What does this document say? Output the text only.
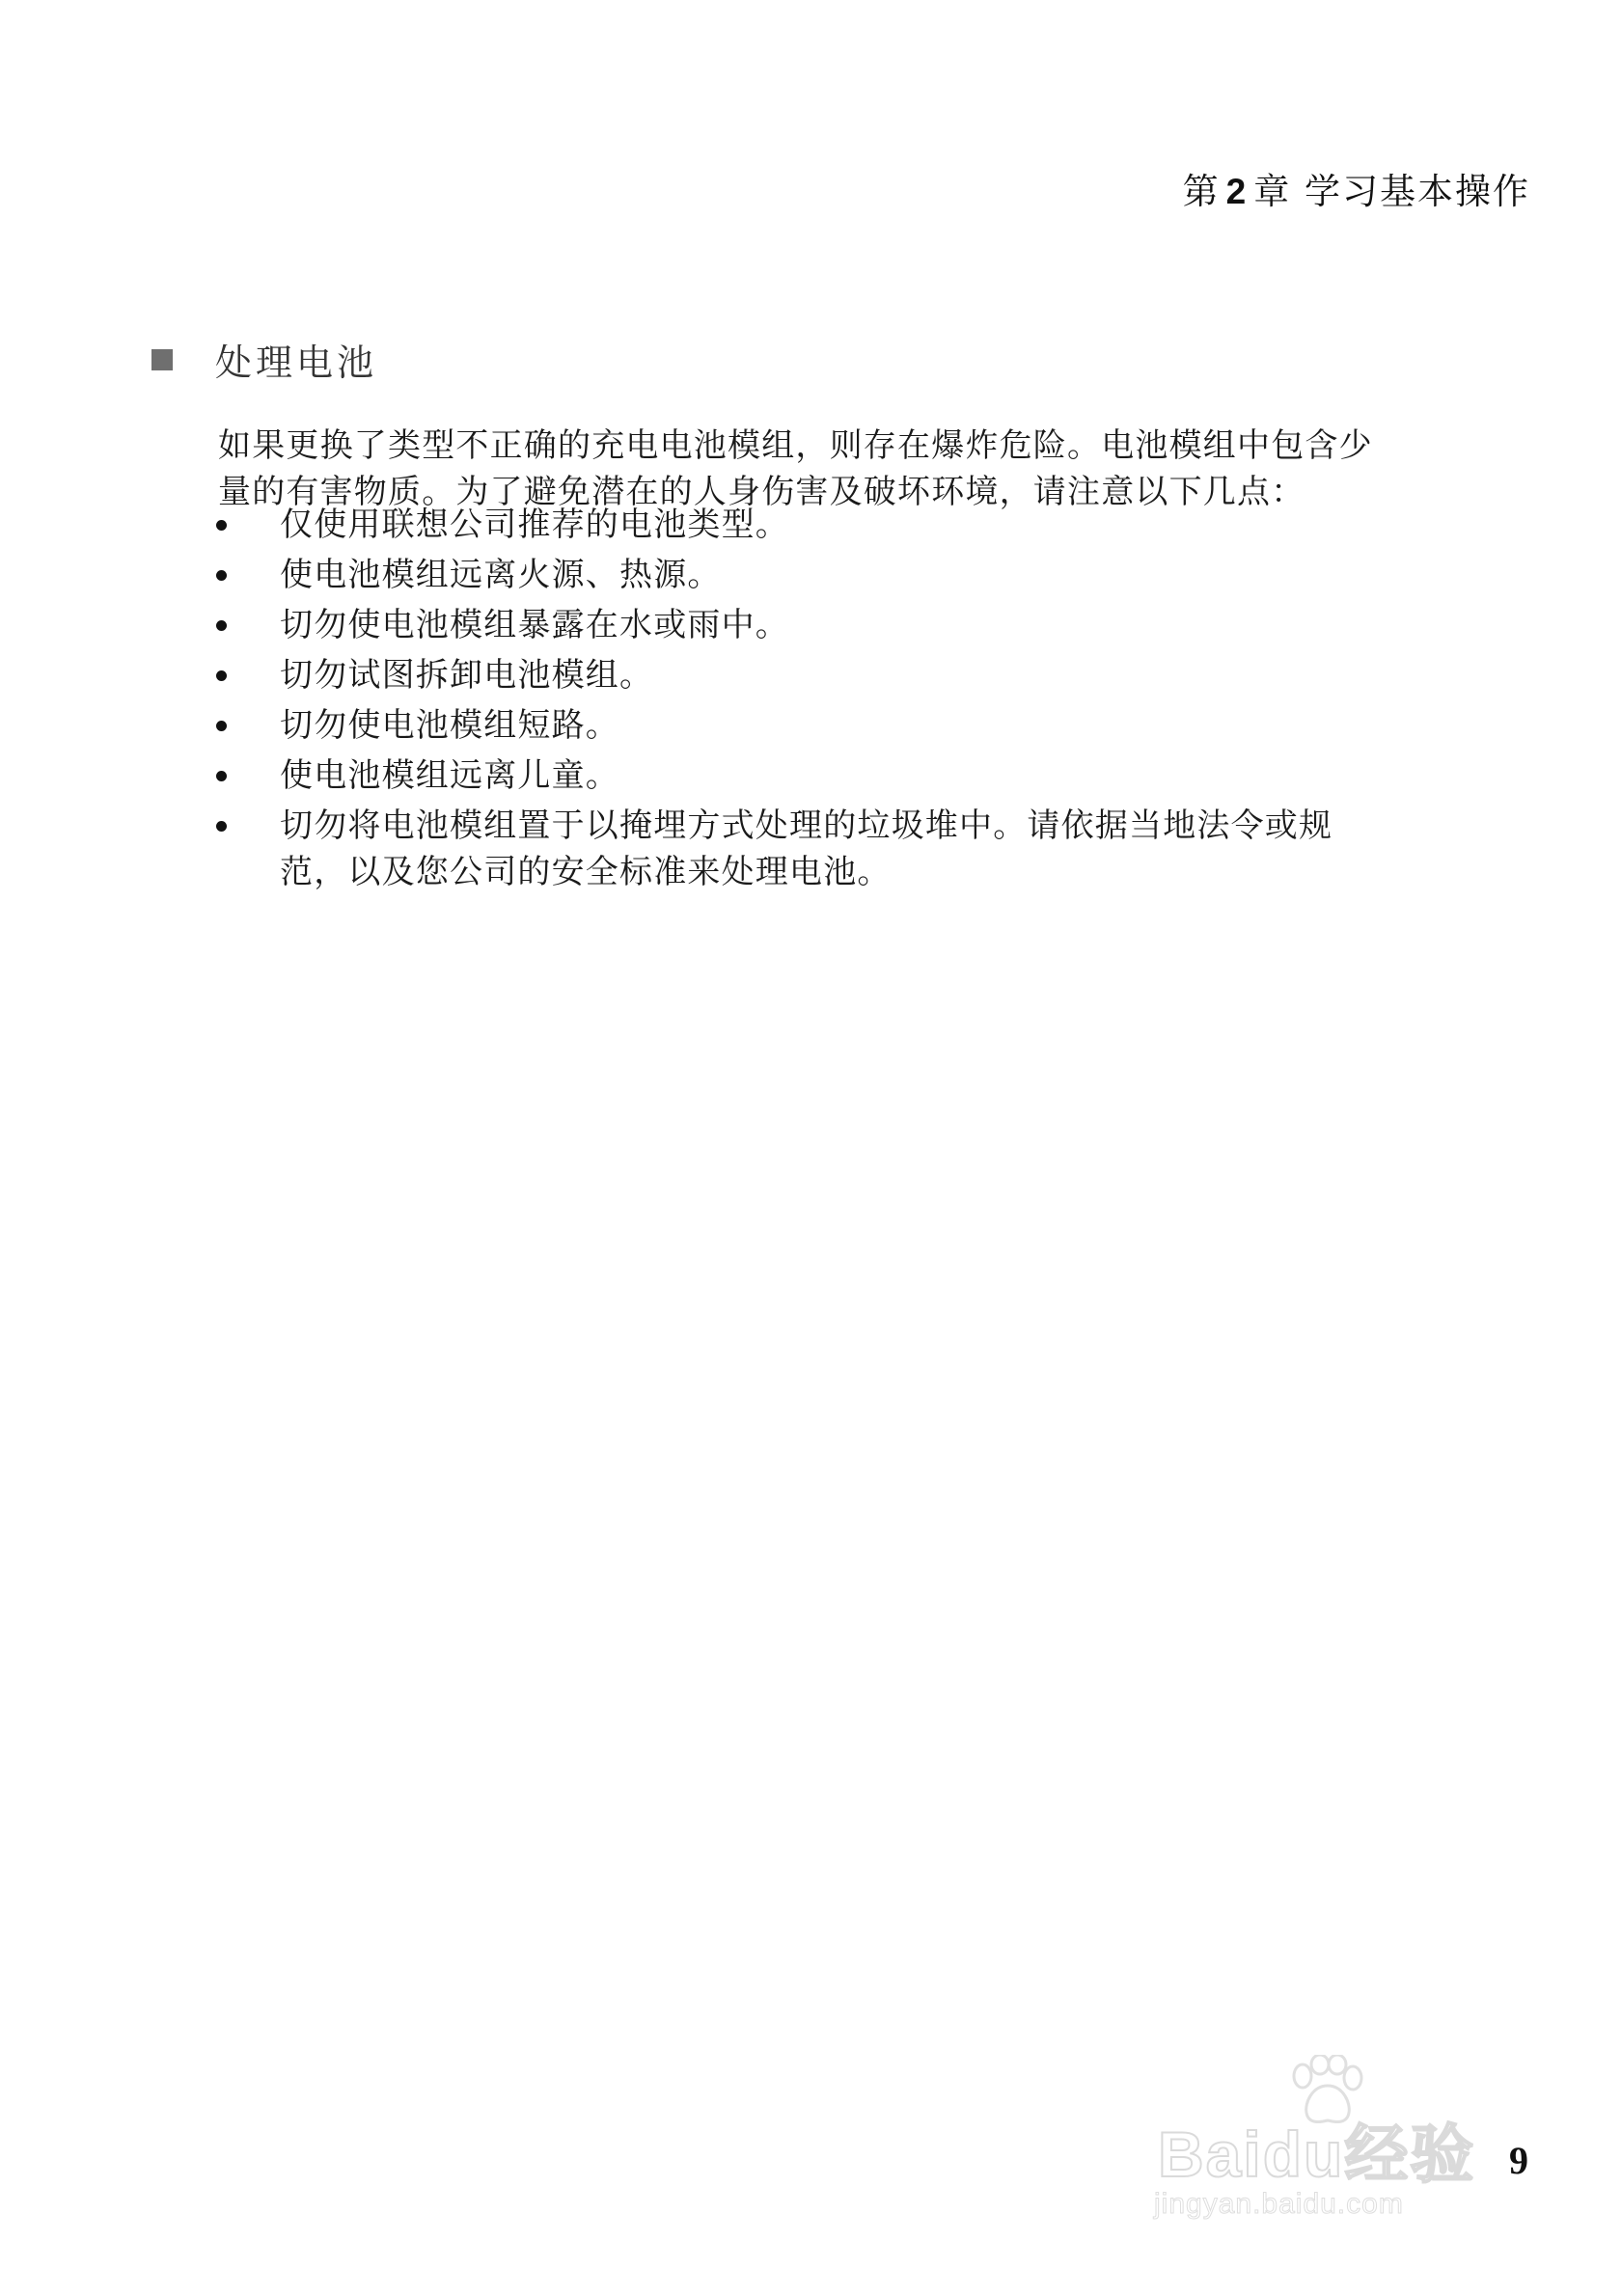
第 2 章 学习基本操作
处理电池

如果更换了类型不正确的充电电池模组，则存在爆炸危险。电池模组中包含少

量的有害物质。为了避免潜在的人身伤害及破坏环境，请注意以下几点：

仅使用联想公司推荐的电池类型。
使电池模组远离火源、热源。
切勿使电池模组暴露在水或雨中。
切勿试图拆卸电池模组。
切勿使电池模组短路。
使电池模组远离儿童。
切勿将电池模组置于以掩埋方式处理的垃圾堆中。请依据当地法令或规
范，以及您公司的安全标准来处理电池。
Baidu经验
jingyan.baidu.com
9
